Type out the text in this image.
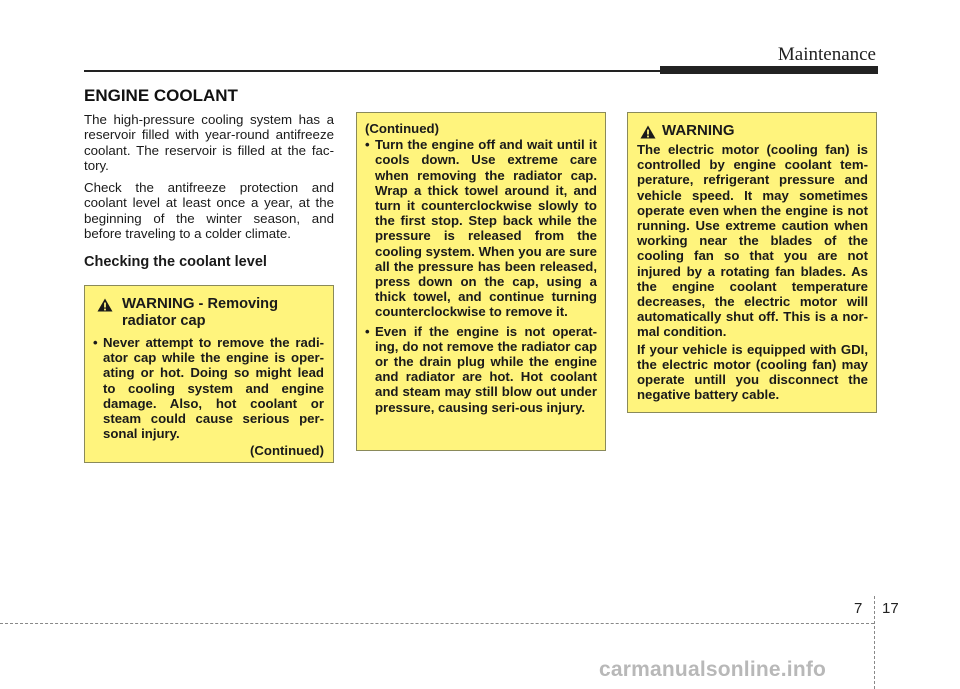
Maintenance
ENGINE COOLANT

The high-pressure cooling system has a reservoir filled with year-round antifreeze coolant. The reservoir is filled at the fac-tory.

Check the antifreeze protection and coolant level at least once a year, at the beginning of the winter season, and before traveling to a colder climate.

Checking the coolant level
WARNING - Removing radiator cap
• Never attempt to remove the radi-ator cap while the engine is oper-ating or hot. Doing so might lead to cooling system and engine damage. Also, hot coolant or steam could cause serious per-sonal injury.
(Continued)
(Continued)
• Turn the engine off and wait until it cools down. Use extreme care when removing the radiator cap. Wrap a thick towel around it, and turn it counterclockwise slowly to the first stop. Step back while the pressure is released from the cooling system. When you are sure all the pressure has been released, press down on the cap, using a thick towel, and continue turning counterclockwise to remove it.
• Even if the engine is not operat-ing, do not remove the radiator cap or the drain plug while the engine and radiator are hot. Hot coolant and steam may still blow out under pressure, causing seri-ous injury.
WARNING

The electric motor (cooling fan) is controlled by engine coolant tem-perature, refrigerant pressure and vehicle speed. It may sometimes operate even when the engine is not running. Use extreme caution when working near the blades of the cooling fan so that you are not injured by a rotating fan blades. As the engine coolant temperature decreases, the electric motor will automatically shut off. This is a nor-mal condition.

If your vehicle is equipped with GDI, the electric motor (cooling fan) may operate untill you disconnect the negative battery cable.

7 17
carmanualsonline.info
